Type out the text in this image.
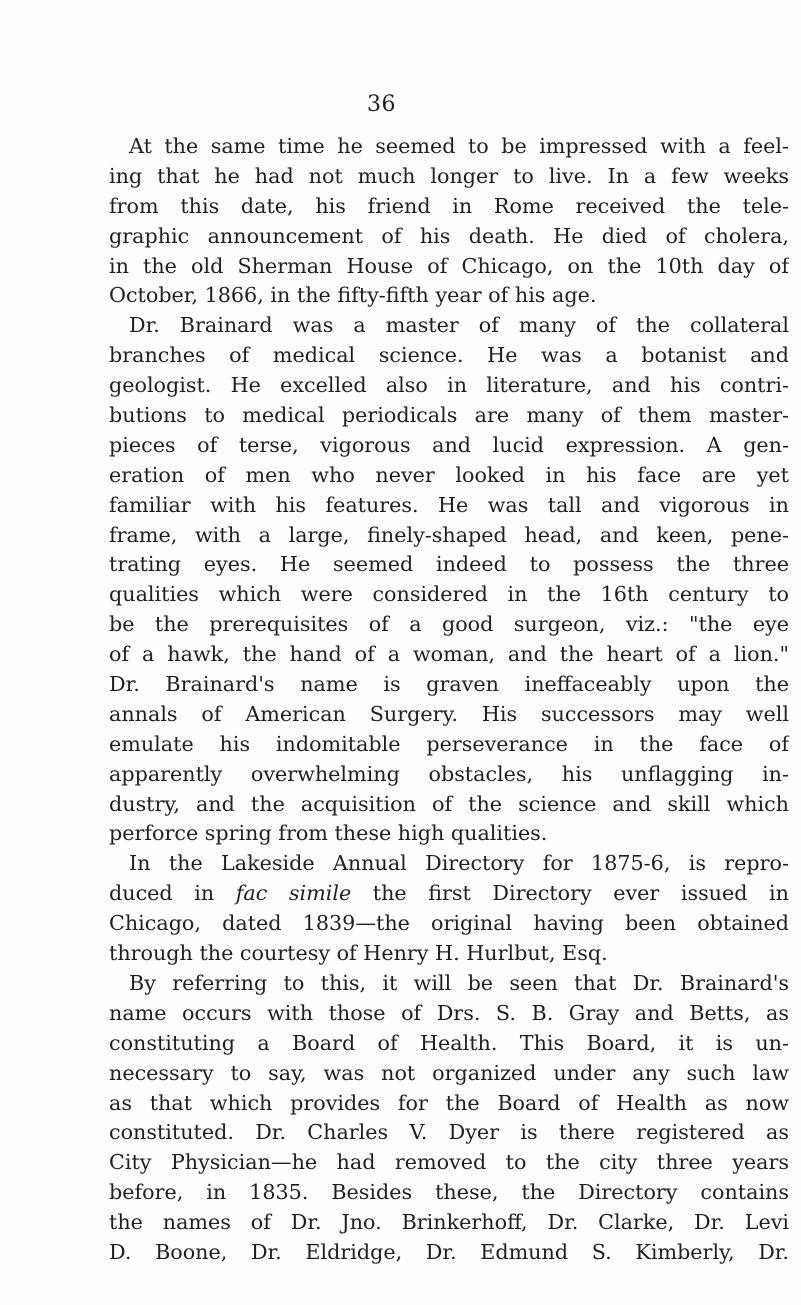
36
At the same time he seemed to be impressed with a feel-
ing that he had not much longer to live. In a few weeks
from this date, his friend in Rome received the tele-
graphic announcement of his death. He died of cholera,
in the old Sherman House of Chicago, on the 10th day of
October, 1866, in the fifty-fifth year of his age.
Dr. Brainard was a master of many of the collateral
branches of medical science. He was a botanist and
geologist. He excelled also in literature, and his contri-
butions to medical periodicals are many of them master-
pieces of terse, vigorous and lucid expression. A gen-
eration of men who never looked in his face are yet
familiar with his features. He was tall and vigorous in
frame, with a large, finely-shaped head, and keen, pene-
trating eyes. He seemed indeed to possess the three
qualities which were considered in the 16th century to
be the prerequisites of a good surgeon, viz.: "the eye
of a hawk, the hand of a woman, and the heart of a lion."
Dr. Brainard's name is graven ineffaceably upon the
annals of American Surgery. His successors may well
emulate his indomitable perseverance in the face of
apparently overwhelming obstacles, his unflagging in-
dustry, and the acquisition of the science and skill which
perforce spring from these high qualities.
In the Lakeside Annual Directory for 1875-6, is repro-
duced in fac simile the first Directory ever issued in
Chicago, dated 1839—the original having been obtained
through the courtesy of Henry H. Hurlbut, Esq.
By referring to this, it will be seen that Dr. Brainard's
name occurs with those of Drs. S. B. Gray and Betts, as
constituting a Board of Health. This Board, it is un-
necessary to say, was not organized under any such law
as that which provides for the Board of Health as now
constituted. Dr. Charles V. Dyer is there registered as
City Physician—he had removed to the city three years
before, in 1835. Besides these, the Directory contains
the names of Dr. Jno. Brinkerhoff, Dr. Clarke, Dr. Levi
D. Boone, Dr. Eldridge, Dr. Edmund S. Kimberly, Dr.
